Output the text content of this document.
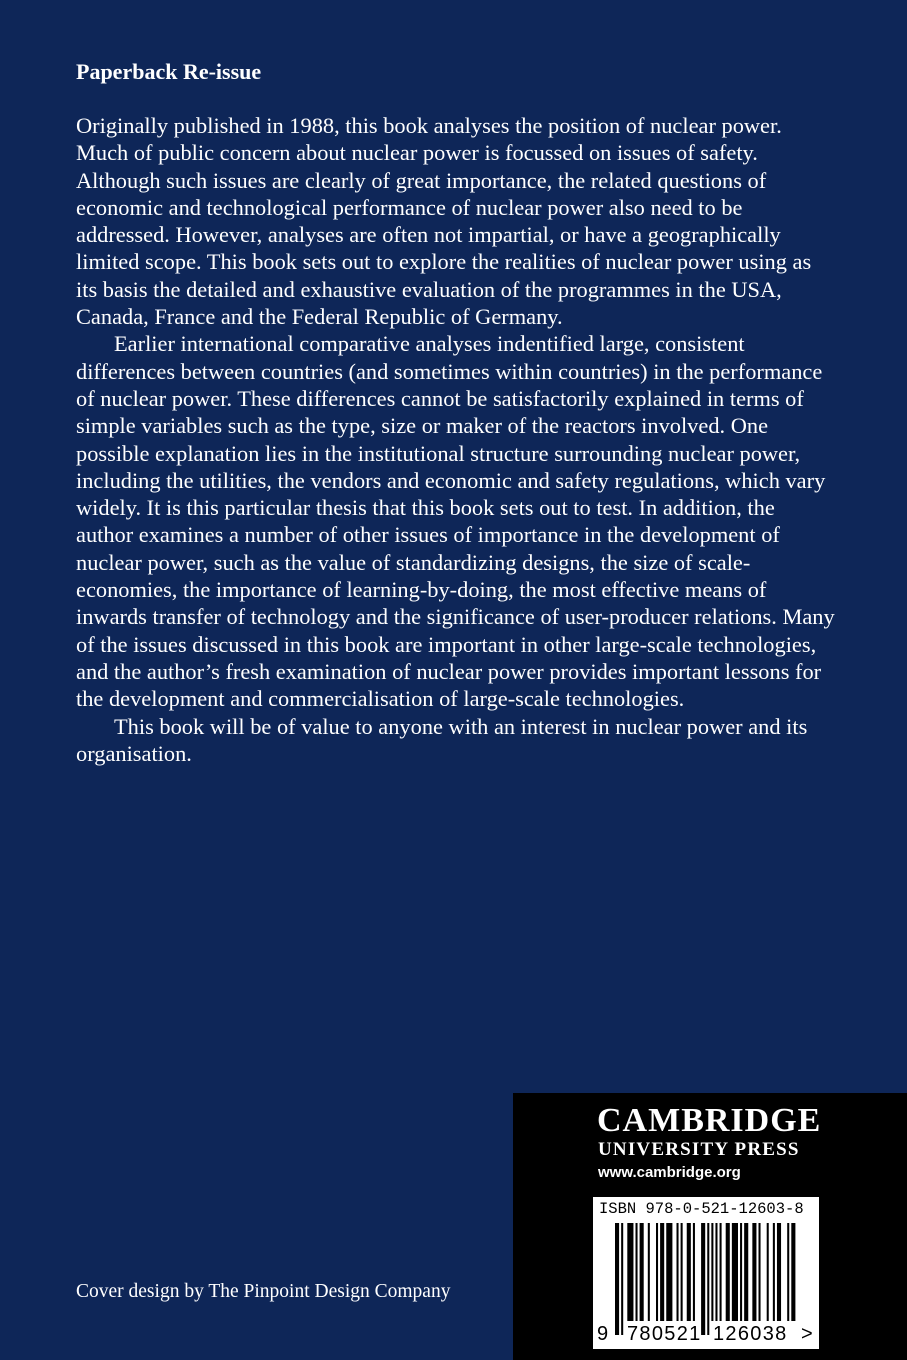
Paperback Re-issue

Originally published in 1988, this book analyses the position of nuclear power. Much of public concern about nuclear power is focussed on issues of safety. Although such issues are clearly of great importance, the related questions of economic and technological performance of nuclear power also need to be addressed. However, analyses are often not impartial, or have a geographically limited scope. This book sets out to explore the realities of nuclear power using as its basis the detailed and exhaustive evaluation of the programmes in the USA, Canada, France and the Federal Republic of Germany.

Earlier international comparative analyses indentified large, consistent differences between countries (and sometimes within countries) in the performance of nuclear power. These differences cannot be satisfactorily explained in terms of simple variables such as the type, size or maker of the reactors involved. One possible explanation lies in the institutional structure surrounding nuclear power, including the utilities, the vendors and economic and safety regulations, which vary widely. It is this particular thesis that this book sets out to test. In addition, the author examines a number of other issues of importance in the development of nuclear power, such as the value of standardizing designs, the size of scale-economies, the importance of learning-by-doing, the most effective means of inwards transfer of technology and the significance of user-producer relations. Many of the issues discussed in this book are important in other large-scale technologies, and the author’s fresh examination of nuclear power provides important lessons for the development and commercialisation of large-scale technologies.

This book will be of value to anyone with an interest in nuclear power and its organisation.

Cover design by The Pinpoint Design Company
CAMBRIDGE
UNIVERSITY PRESS
www.cambridge.org
ISBN 978-0-521-12603-8
9 780521 126038 >
